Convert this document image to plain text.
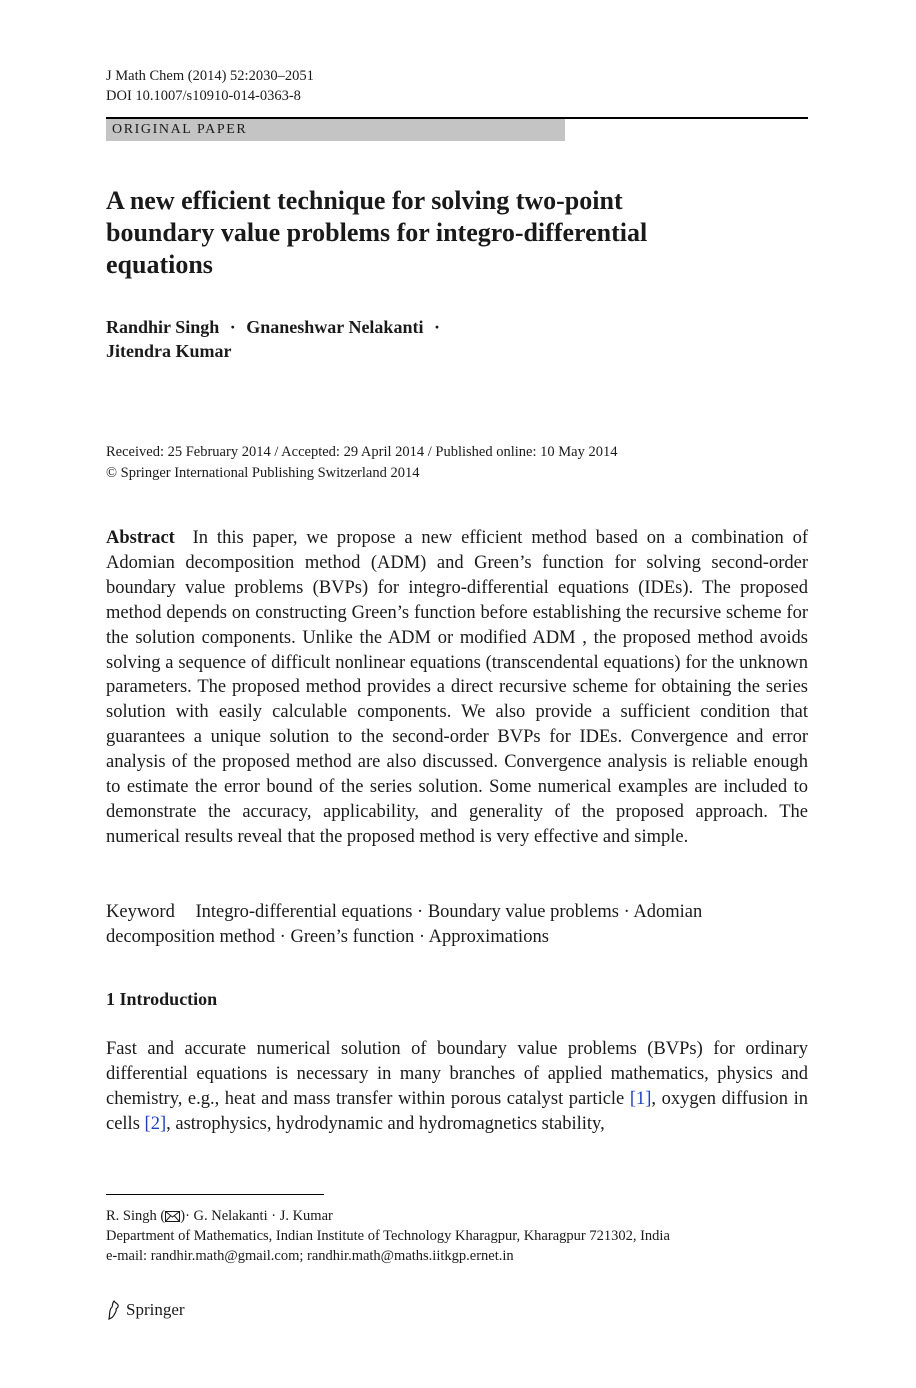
J Math Chem (2014) 52:2030–2051
DOI 10.1007/s10910-014-0363-8
ORIGINAL PAPER
A new efficient technique for solving two-point boundary value problems for integro-differential equations
Randhir Singh · Gnaneshwar Nelakanti ·
Jitendra Kumar
Received: 25 February 2014 / Accepted: 29 April 2014 / Published online: 10 May 2014
© Springer International Publishing Switzerland 2014
Abstract In this paper, we propose a new efficient method based on a combination of Adomian decomposition method (ADM) and Green’s function for solving second-order boundary value problems (BVPs) for integro-differential equations (IDEs). The proposed method depends on constructing Green’s function before establishing the recursive scheme for the solution components. Unlike the ADM or modified ADM , the proposed method avoids solving a sequence of difficult nonlinear equations (transcendental equations) for the unknown parameters. The proposed method provides a direct recursive scheme for obtaining the series solution with easily calculable components. We also provide a sufficient condition that guarantees a unique solution to the second-order BVPs for IDEs. Convergence and error analysis of the proposed method are also discussed. Convergence analysis is reliable enough to estimate the error bound of the series solution. Some numerical examples are included to demonstrate the accuracy, applicability, and generality of the proposed approach. The numerical results reveal that the proposed method is very effective and simple.
Keyword Integro-differential equations · Boundary value problems · Adomian decomposition method · Green’s function · Approximations
1 Introduction
Fast and accurate numerical solution of boundary value problems (BVPs) for ordinary differential equations is necessary in many branches of applied mathematics, physics and chemistry, e.g., heat and mass transfer within porous catalyst particle [1], oxygen diffusion in cells [2], astrophysics, hydrodynamic and hydromagnetics stability,
R. Singh ( )· G. Nelakanti · J. Kumar
Department of Mathematics, Indian Institute of Technology Kharagpur, Kharagpur 721302, India
e-mail: randhir.math@gmail.com; randhir.math@maths.iitkgp.ernet.in
Springer
